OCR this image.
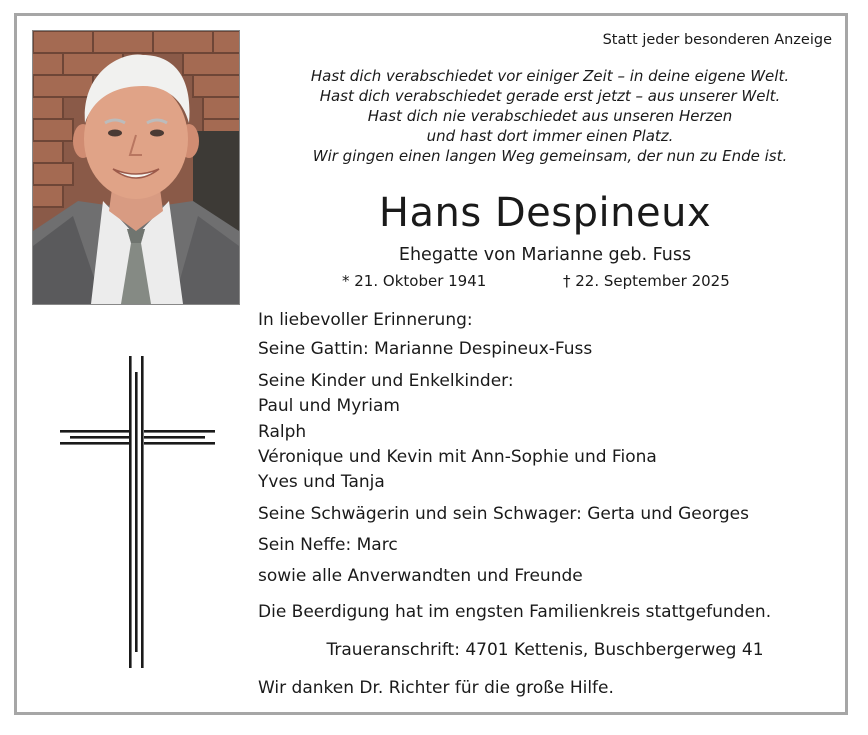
Statt jeder besonderen Anzeige
Hast dich verabschiedet vor einiger Zeit – in deine eigene Welt.
Hast dich verabschiedet gerade erst jetzt – aus unserer Welt.
Hast dich nie verabschiedet aus unseren Herzen
und hast dort immer einen Platz.
Wir gingen einen langen Weg gemeinsam, der nun zu Ende ist.
Hans Despineux
Ehegatte von Marianne geb. Fuss
* 21. Oktober 1941	† 22. September 2025
In liebevoller Erinnerung:
Seine Gattin: Marianne Despineux-Fuss
Seine Kinder und Enkelkinder:
Paul und Myriam
Ralph
Véronique und Kevin mit Ann-Sophie und Fiona
Yves und Tanja
Seine Schwägerin und sein Schwager: Gerta und Georges
Sein Neffe: Marc
sowie alle Anverwandten und Freunde
Die Beerdigung hat im engsten Familienkreis stattgefunden.
Traueranschrift: 4701 Kettenis, Buschbergerweg 41
Wir danken Dr. Richter für die große Hilfe.
